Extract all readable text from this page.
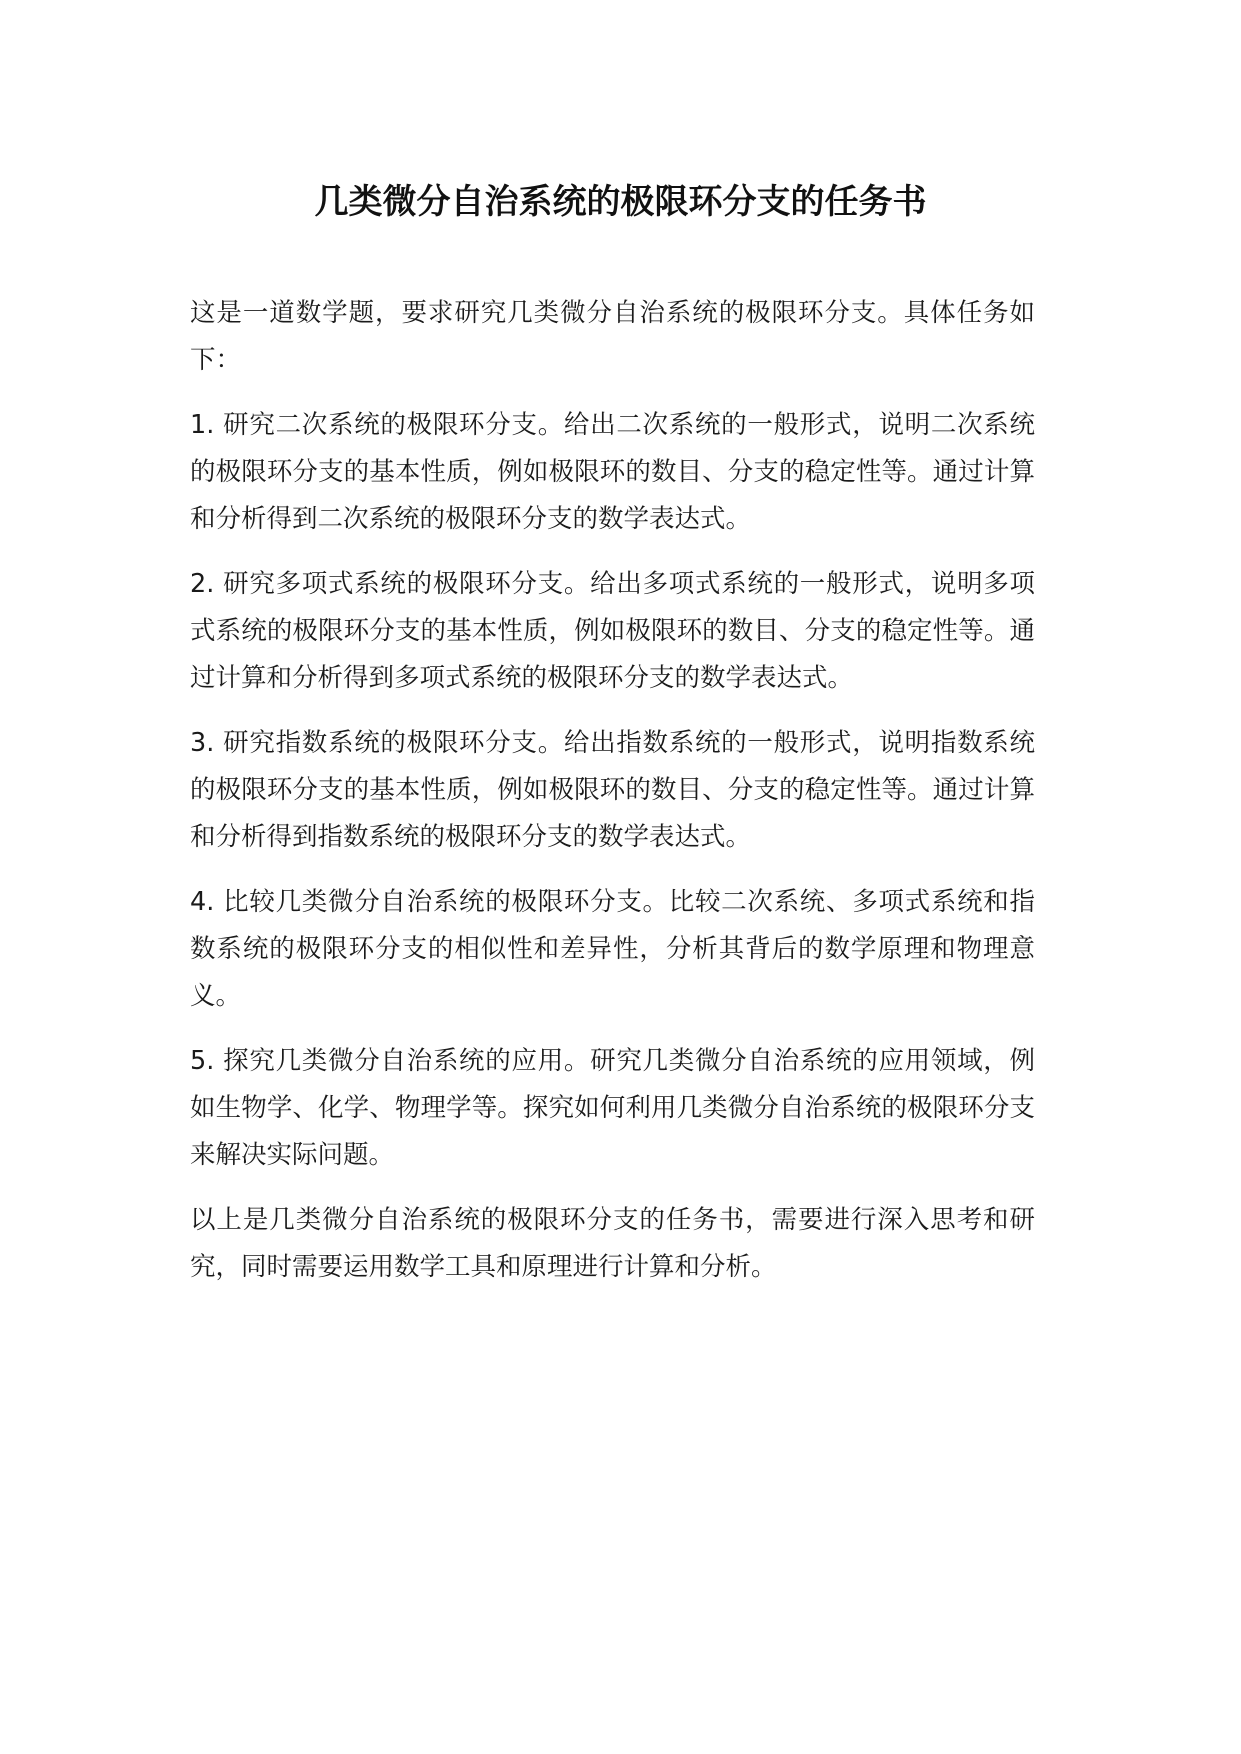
几类微分自治系统的极限环分支的任务书

这是一道数学题，要求研究几类微分自治系统的极限环分支。具体任务如下：

1. 研究二次系统的极限环分支。给出二次系统的一般形式，说明二次系统的极限环分支的基本性质，例如极限环的数目、分支的稳定性等。通过计算和分析得到二次系统的极限环分支的数学表达式。

2. 研究多项式系统的极限环分支。给出多项式系统的一般形式，说明多项式系统的极限环分支的基本性质，例如极限环的数目、分支的稳定性等。通过计算和分析得到多项式系统的极限环分支的数学表达式。

3. 研究指数系统的极限环分支。给出指数系统的一般形式，说明指数系统的极限环分支的基本性质，例如极限环的数目、分支的稳定性等。通过计算和分析得到指数系统的极限环分支的数学表达式。

4. 比较几类微分自治系统的极限环分支。比较二次系统、多项式系统和指数系统的极限环分支的相似性和差异性，分析其背后的数学原理和物理意义。

5. 探究几类微分自治系统的应用。研究几类微分自治系统的应用领域，例如生物学、化学、物理学等。探究如何利用几类微分自治系统的极限环分支来解决实际问题。

以上是几类微分自治系统的极限环分支的任务书，需要进行深入思考和研究，同时需要运用数学工具和原理进行计算和分析。
